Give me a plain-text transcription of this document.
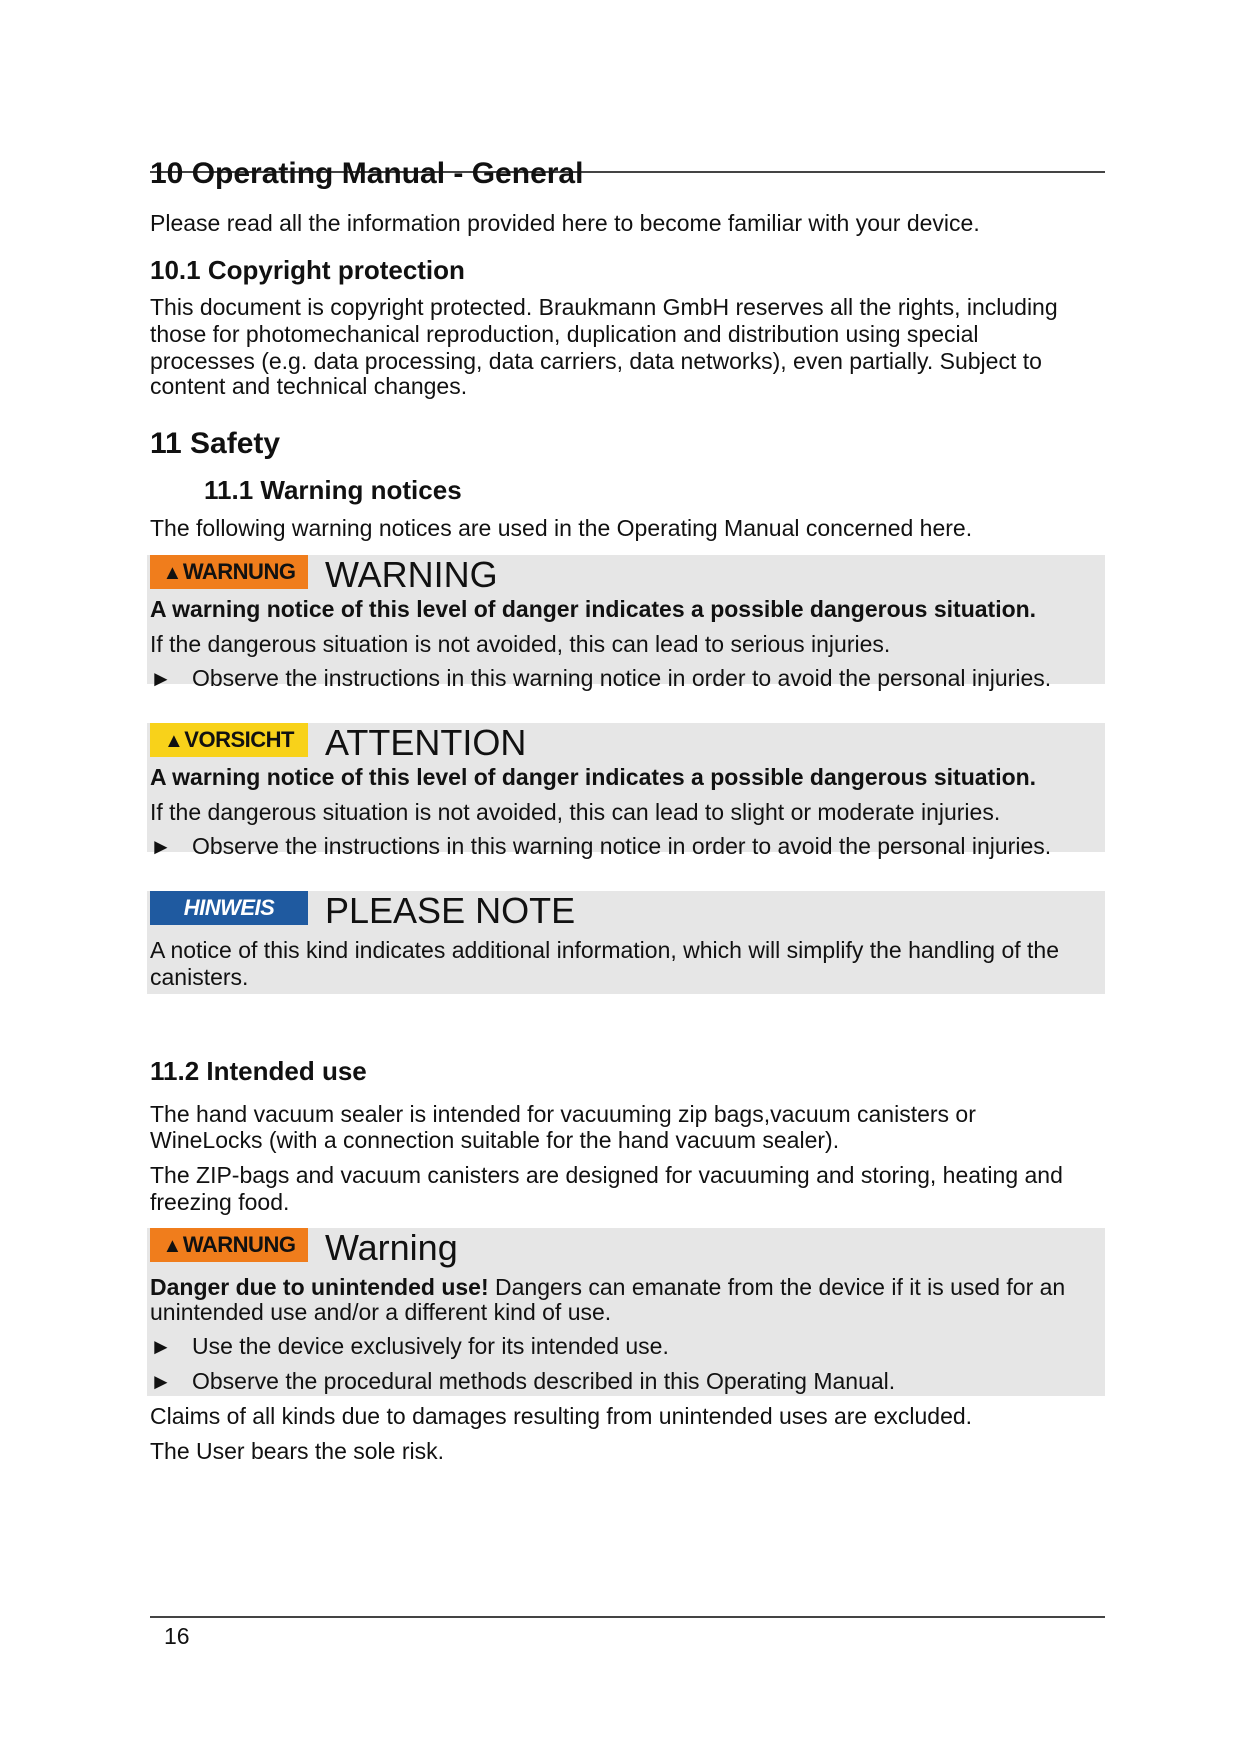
10 Operating Manual - General

Please read all the information provided here to become familiar with your device.

10.1 Copyright protection

This document is copyright protected. Braukmann GmbH reserves all the rights, including

those for photomechanical reproduction, duplication and distribution using special

processes (e.g. data processing, data carriers, data networks), even partially. Subject to

content and technical changes.

11 Safety
11.1 Warning notices

The following warning notices are used in the Operating Manual concerned here.

▲WARNUNG WARNING

A warning notice of this level of danger indicates a possible dangerous situation.

If the dangerous situation is not avoided, this can lead to serious injuries.

► Observe the instructions in this warning notice in order to avoid the personal injuries.
▲VORSICHT ATTENTION

A warning notice of this level of danger indicates a possible dangerous situation.

If the dangerous situation is not avoided, this can lead to slight or moderate injuries.

► Observe the instructions in this warning notice in order to avoid the personal injuries.
HINWEIS	PLEASE NOTE

A notice of this kind indicates additional information, which will simplify the handling of the

canisters.

11.2 Intended use

The hand vacuum sealer is intended for vacuuming zip bags,vacuum canisters or

WineLocks (with a connection suitable for the hand vacuum sealer).

The ZIP-bags and vacuum canisters are designed for vacuuming and storing, heating and

freezing food.

▲WARNUNG Warning

Danger due to unintended use! Dangers can emanate from the device if it is used for an

unintended use and/or a different kind of use.

► Use the device exclusively for its intended use.
► Observe the procedural methods described in this Operating Manual.

Claims of all kinds due to damages resulting from unintended uses are excluded.

The User bears the sole risk.

16
